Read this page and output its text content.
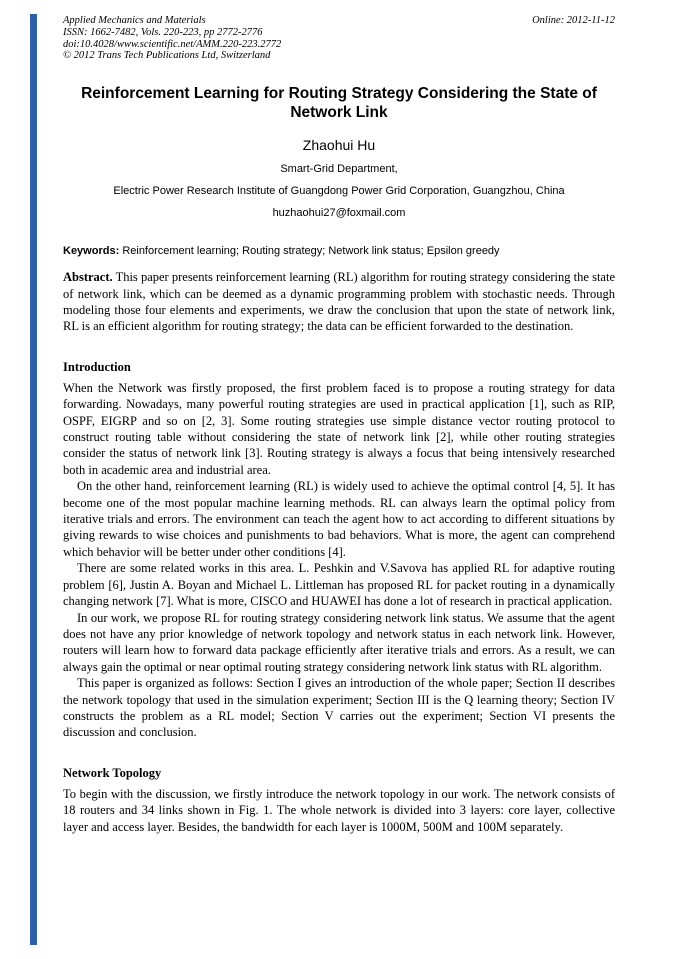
Applied Mechanics and Materials
ISSN: 1662-7482, Vols. 220-223, pp 2772-2776
doi:10.4028/www.scientific.net/AMM.220-223.2772
© 2012 Trans Tech Publications Ltd, Switzerland
Online: 2012-11-12
Reinforcement Learning for Routing Strategy Considering the State of Network Link
Zhaohui Hu
Smart-Grid Department,
Electric Power Research Institute of Guangdong Power Grid Corporation, Guangzhou, China
huzhaohui27@foxmail.com

Keywords: Reinforcement learning; Routing strategy; Network link status; Epsilon greedy

Abstract. This paper presents reinforcement learning (RL) algorithm for routing strategy considering the state of network link, which can be deemed as a dynamic programming problem with stochastic needs. Through modeling those four elements and experiments, we draw the conclusion that upon the state of network link, RL is an efficient algorithm for routing strategy; the data can be efficient forwarded to the destination.

Introduction

When the Network was firstly proposed, the first problem faced is to propose a routing strategy for data forwarding. Nowadays, many powerful routing strategies are used in practical application [1], such as RIP, OSPF, EIGRP and so on [2, 3]. Some routing strategies use simple distance vector routing protocol to construct routing table without considering the state of network link [2], while other routing strategies consider the status of network link [3]. Routing strategy is always a focus that being intensively researched both in academic area and industrial area.

On the other hand, reinforcement learning (RL) is widely used to achieve the optimal control [4, 5]. It has become one of the most popular machine learning methods. RL can always learn the optimal policy from iterative trials and errors. The environment can teach the agent how to act according to different situations by giving rewards to wise choices and punishments to bad behaviors. What is more, the agent can comprehend which behavior will be better under other conditions [4].

There are some related works in this area. L. Peshkin and V.Savova has applied RL for adaptive routing problem [6], Justin A. Boyan and Michael L. Littleman has proposed RL for packet routing in a dynamically changing network [7]. What is more, CISCO and HUAWEI has done a lot of research in practical application.

In our work, we propose RL for routing strategy considering network link status. We assume that the agent does not have any prior knowledge of network topology and network status in each network link. However, routers will learn how to forward data package efficiently after iterative trials and errors. As a result, we can always gain the optimal or near optimal routing strategy considering network link status with RL algorithm.

This paper is organized as follows: Section I gives an introduction of the whole paper; Section II describes the network topology that used in the simulation experiment; Section III is the Q learning theory; Section IV constructs the problem as a RL model; Section V carries out the experiment; Section VI presents the discussion and conclusion.

Network Topology

To begin with the discussion, we firstly introduce the network topology in our work. The network consists of 18 routers and 34 links shown in Fig. 1. The whole network is divided into 3 layers: core layer, collective layer and access layer. Besides, the bandwidth for each layer is 1000M, 500M and 100M separately.
